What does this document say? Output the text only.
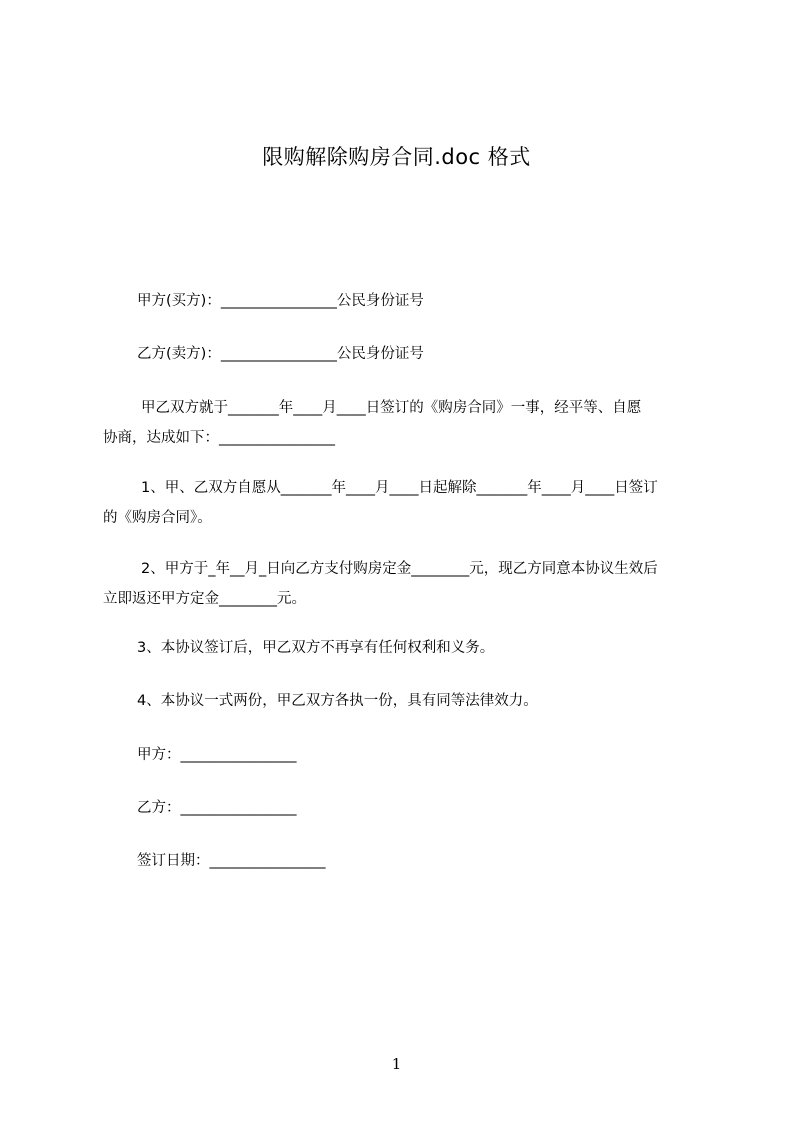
限购解除购房合同.doc 格式
甲方(买方)：________________公民身份证号
乙方(卖方)：________________公民身份证号
甲乙双方就于_______年____月____日签订的《购房合同》一事，经平等、自愿
协商，达成如下：________________
1、甲、乙双方自愿从_______年____月____日起解除_______年____月____日签订
的《购房合同》。
2、甲方于_年__月_日向乙方支付购房定金________元，现乙方同意本协议生效后
立即返还甲方定金________元。
3、本协议签订后，甲乙双方不再享有任何权利和义务。
4、本协议一式两份，甲乙双方各执一份，具有同等法律效力。
甲方：________________
乙方：________________
签订日期：________________
1
